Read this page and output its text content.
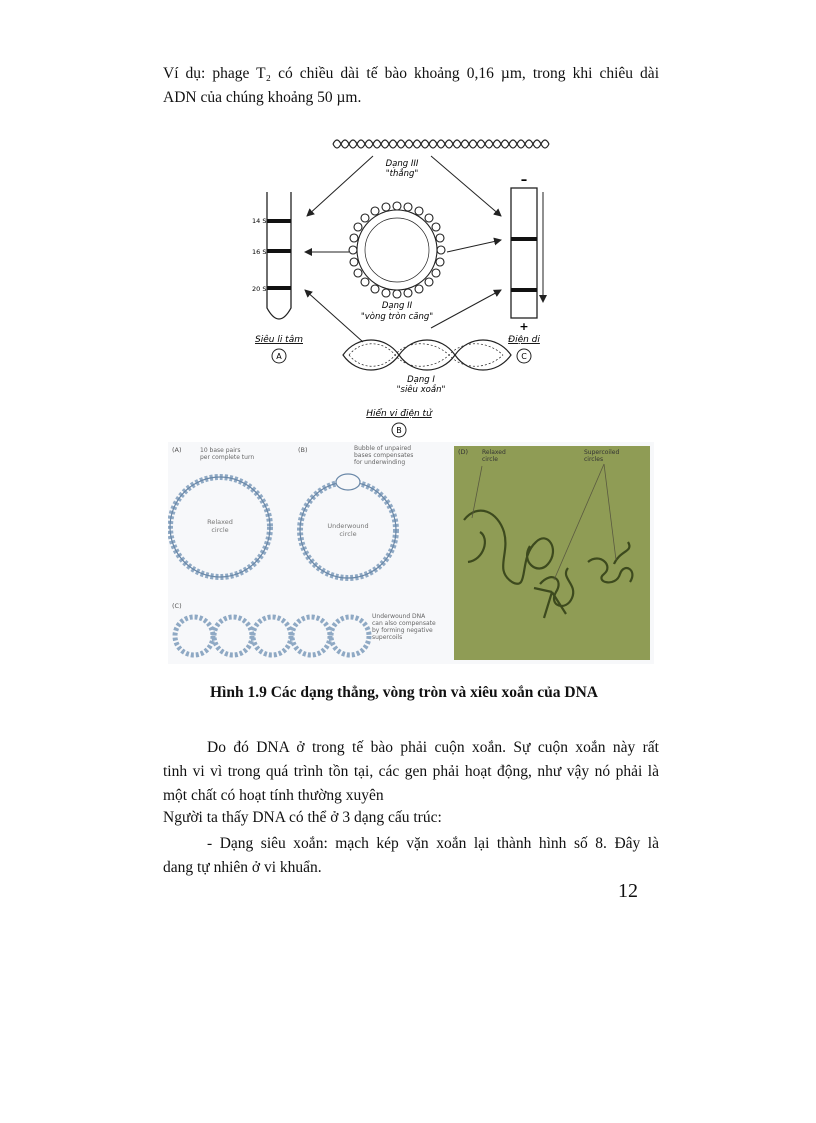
Ví dụ: phage T₂ có chiều dài tế bào khoảng 0,16 µm, trong khi chiêu dài
ADN của chúng khoảng 50 µm.
Dạng III
"thẳng"
14 S
16 S
20 S
–
+
Dạng II
"vòng tròn căng"
Dạng I
"siêu xoắn"
Siêu li tâm
A
Điện di
C
Hiển vi điện tử
B
(A)	10 base pairs
per complete turn
Relaxed
circle
(B)	Bubble of unpaired
bases compensates
for underwinding
Underwound
circle
(C)
Underwound DNA
can also compensate
by forming negative
supercoils
(D) Relaxed
circle
Supercoiled
circles
Hình 1.9 Các dạng thẳng, vòng tròn và xiêu xoắn của DNA
Do đó DNA ở trong tế bào phải cuộn xoắn. Sự cuộn xoắn này rất
tinh vi vì trong quá trình tồn tại, các gen phải hoạt động, như vậy nó phải là
một chất có hoạt tính thường xuyên
Người ta thấy DNA có thể ở 3 dạng cấu trúc:
- Dạng siêu xoắn: mạch kép vặn xoắn lại thành hình số 8. Đây là
dang tự nhiên ở vi khuẩn.
12
